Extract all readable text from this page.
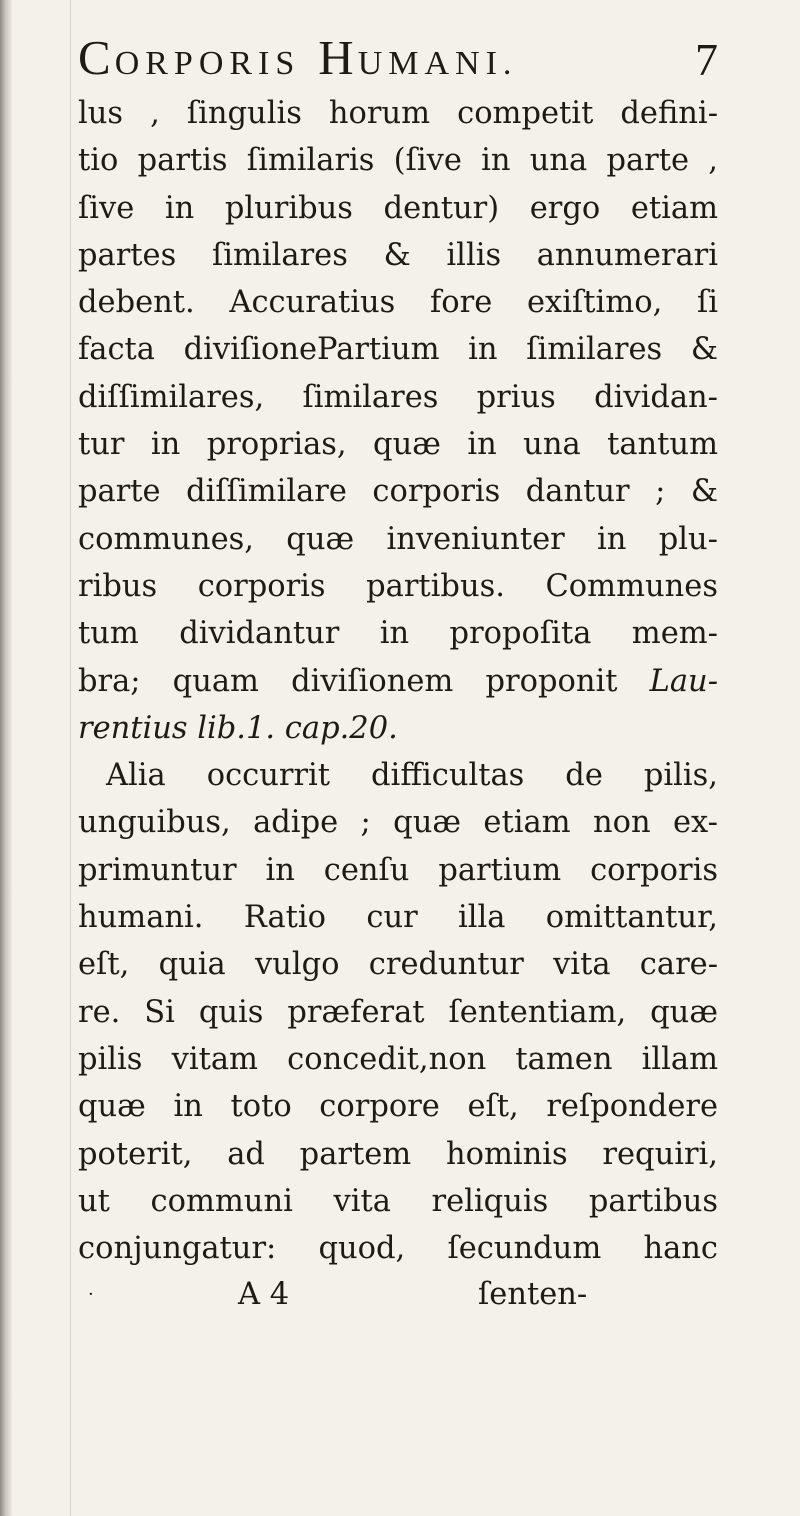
CORPORIS HUMANI.	7
lus , ſingulis horum competit defini-
tio partis ſimilaris (ſive in una parte ,
ſive in pluribus dentur) ergo etiam
partes ſimilares & illis annumerari
debent. Accuratius fore exiſtimo, ſi
facta diviſionePartium in ſimilares &
diſſimilares, ſimilares prius dividan-
tur in proprias, quæ in una tantum
parte diſſimilare corporis dantur ; &
communes, quæ inveniunter in plu-
ribus corporis partibus. Communes
tum dividantur in propoſita mem-
bra; quam diviſionem proponit Lau-
rentius lib.1. cap.20.
Alia occurrit difficultas de pilis,
unguibus, adipe ; quæ etiam non ex-
primuntur in cenſu partium corporis
humani. Ratio cur illa omittantur,
eſt, quia vulgo creduntur vita care-
re. Si quis præferat ſententiam, quæ
pilis vitam concedit,non tamen illam
quæ in toto corpore eſt, reſpondere
poterit, ad partem hominis requiri,
ut communi vita reliquis partibus
conjungatur: quod, ſecundum hanc
·	A 4	ſenten-
